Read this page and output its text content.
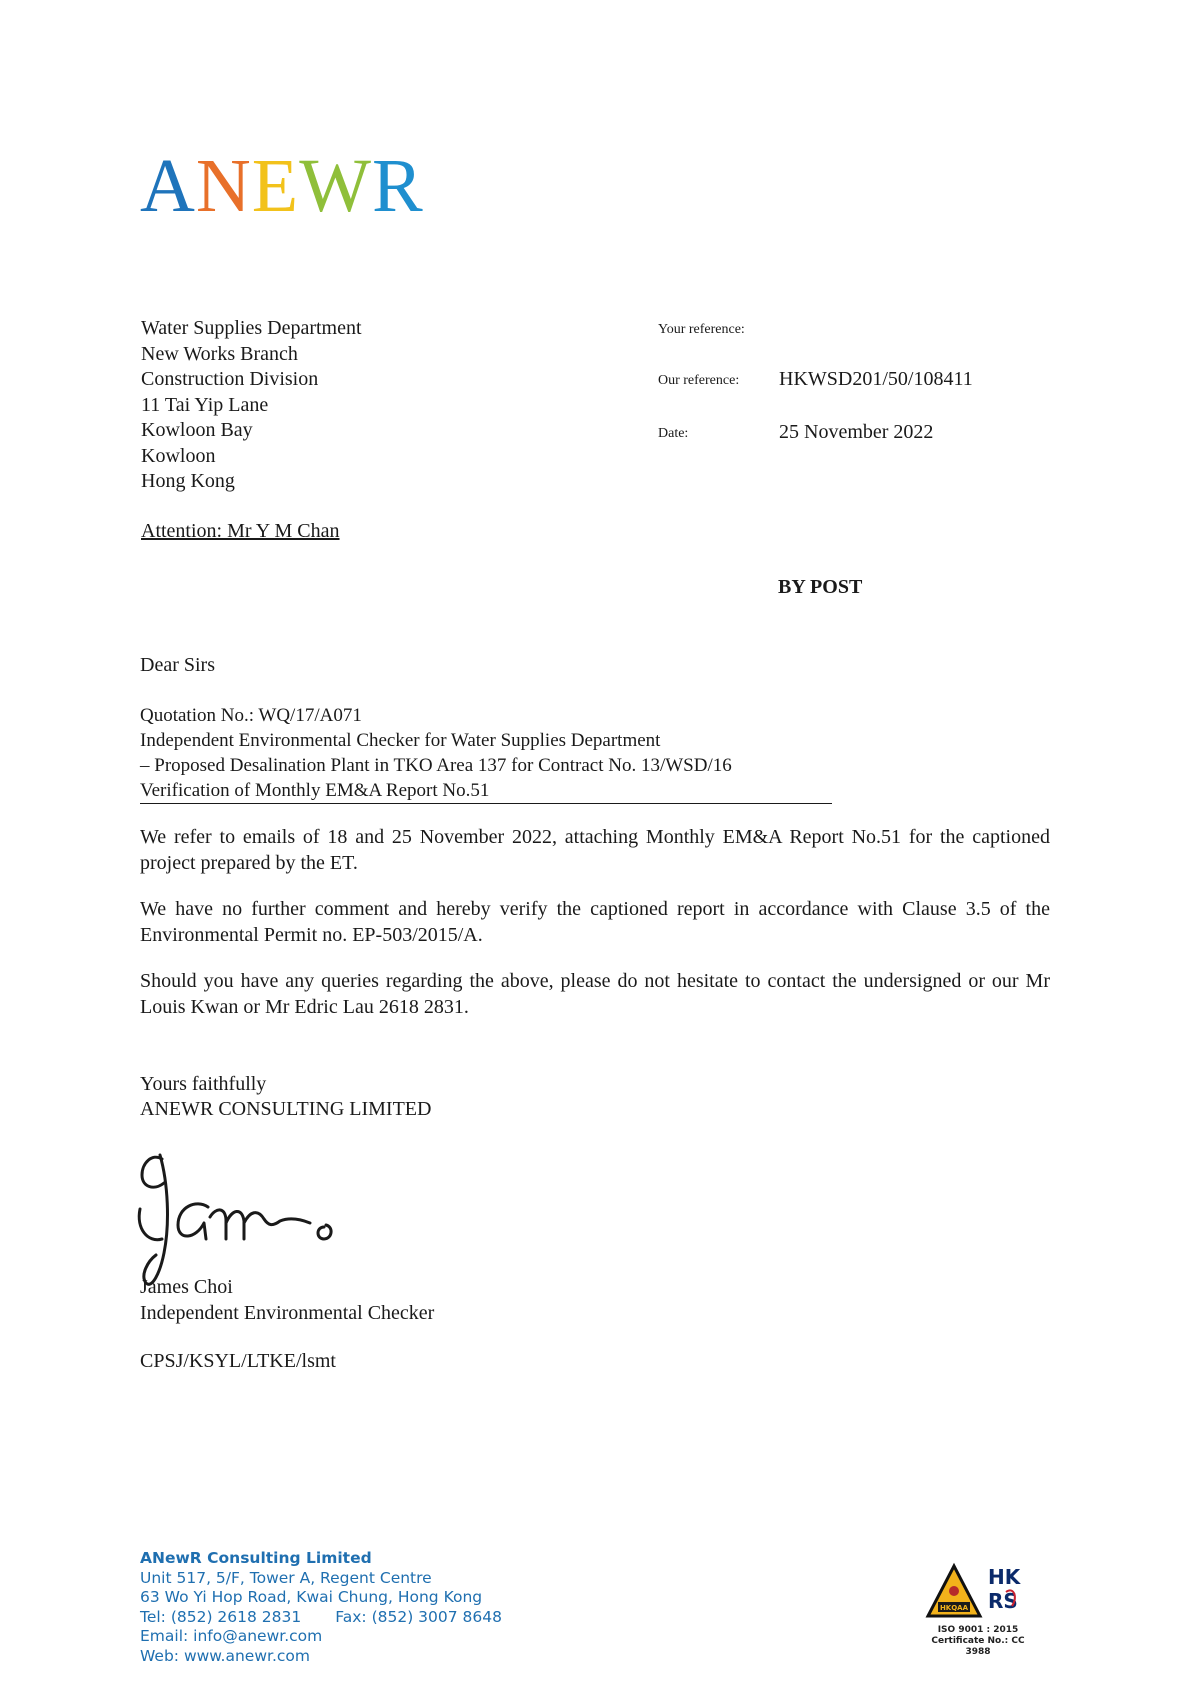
ANEWR
Water Supplies Department
New Works Branch
Construction Division
11 Tai Yip Lane
Kowloon Bay
Kowloon
Hong Kong
Attention: Mr Y M Chan
Your reference:
Our reference: HKWSD201/50/108411
Date:	25 November 2022
BY POST
Dear Sirs
Quotation No.: WQ/17/A071
Independent Environmental Checker for Water Supplies Department
– Proposed Desalination Plant in TKO Area 137 for Contract No. 13/WSD/16
Verification of Monthly EM&A Report No.51
We refer to emails of 18 and 25 November 2022, attaching Monthly EM&A Report No.51 for the captioned project prepared by the ET.
We have no further comment and hereby verify the captioned report in accordance with Clause 3.5 of the Environmental Permit no. EP-503/2015/A.
Should you have any queries regarding the above, please do not hesitate to contact the undersigned or our Mr Louis Kwan or Mr Edric Lau 2618 2831.
Yours faithfully
ANEWR CONSULTING LIMITED
James Choi
Independent Environmental Checker
CPSJ/KSYL/LTKE/lsmt
ANewR Consulting Limited
Unit 517, 5/F, Tower A, Regent Centre
63 Wo Yi Hop Road, Kwai Chung, Hong Kong
Tel: (852) 2618 2831 Fax: (852) 3007 8648
Email: info@anewr.com
Web: www.anewr.com
HKQAA
HK
RS
ISO 9001 : 2015
Certificate No.: CC 3988
